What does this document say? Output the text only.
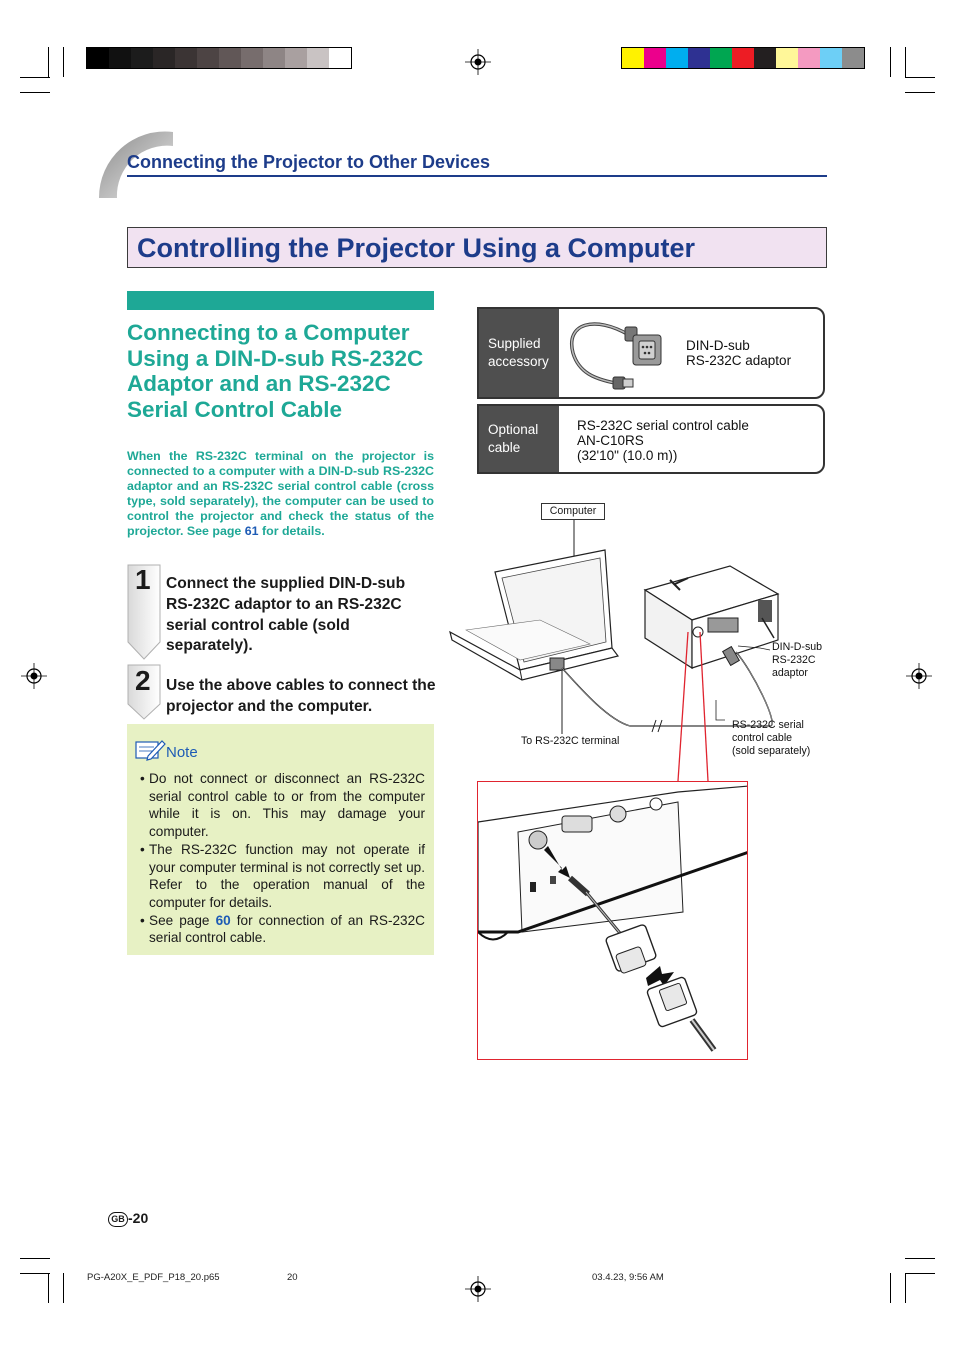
Connecting the Projector to Other Devices
Controlling the Projector Using a Computer
Connecting to a Computer Using a DIN-D-sub RS-232C Adaptor and an RS-232C Serial Control Cable
When the RS-232C terminal on the projector is connected to a computer with a DIN-D-sub RS-232C adaptor and an RS-232C serial control cable (cross type, sold separately), the computer can be used to control the projector and check the status of the projector. See page 61 for details.
1 Connect the supplied DIN-D-sub RS-232C adaptor to an RS-232C serial control cable (sold separately).
2 Use the above cables to connect the projector and the computer.
Note
• Do not connect or disconnect an RS-232C serial control cable to or from the computer while it is on. This may damage your computer.
• The RS-232C function may not operate if your computer terminal is not correctly set up. Refer to the operation manual of the computer for details.
• See page 60 for connection of an RS-232C serial control cable.
Supplied accessory
DIN-D-sub
RS-232C adaptor
Optional cable
RS-232C serial control cable
AN-C10RS
(32'10" (10.0 m))
Computer
DIN-D-sub
RS-232C
adaptor
RS-232C serial
control cable
(sold separately)
To RS-232C terminal
GB -20
PG-A20X_E_PDF_P18_20.p65	20	03.4.23, 9:56 AM
